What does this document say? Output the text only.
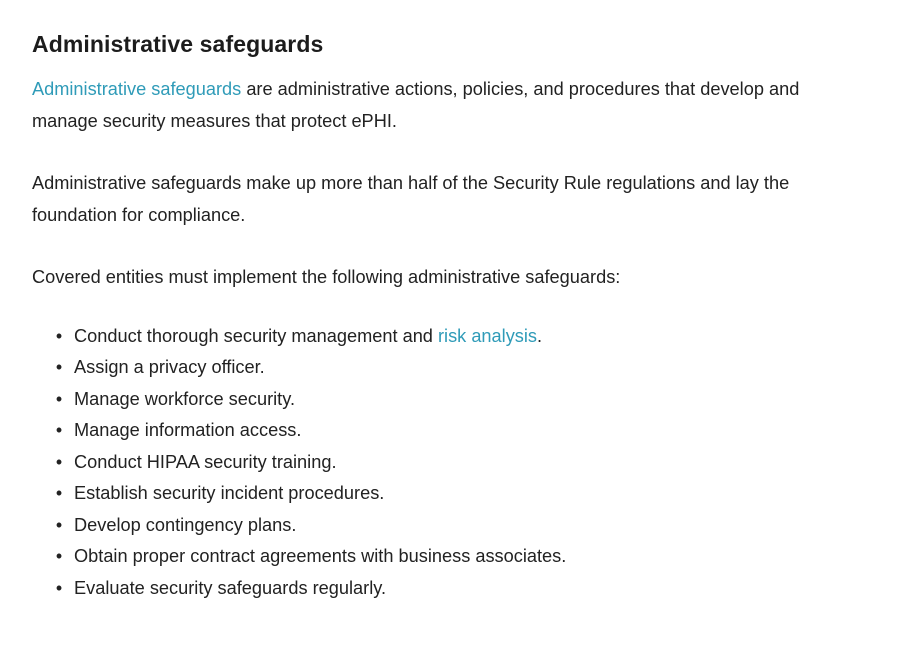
Administrative safeguards

Administrative safeguards are administrative actions, policies, and procedures that develop and manage security measures that protect ePHI.

Administrative safeguards make up more than half of the Security Rule regulations and lay the foundation for compliance.

Covered entities must implement the following administrative safeguards:

• Conduct thorough security management and risk analysis.
• Assign a privacy officer.
• Manage workforce security.
• Manage information access.
• Conduct HIPAA security training.
• Establish security incident procedures.
• Develop contingency plans.
• Obtain proper contract agreements with business associates.
• Evaluate security safeguards regularly.
